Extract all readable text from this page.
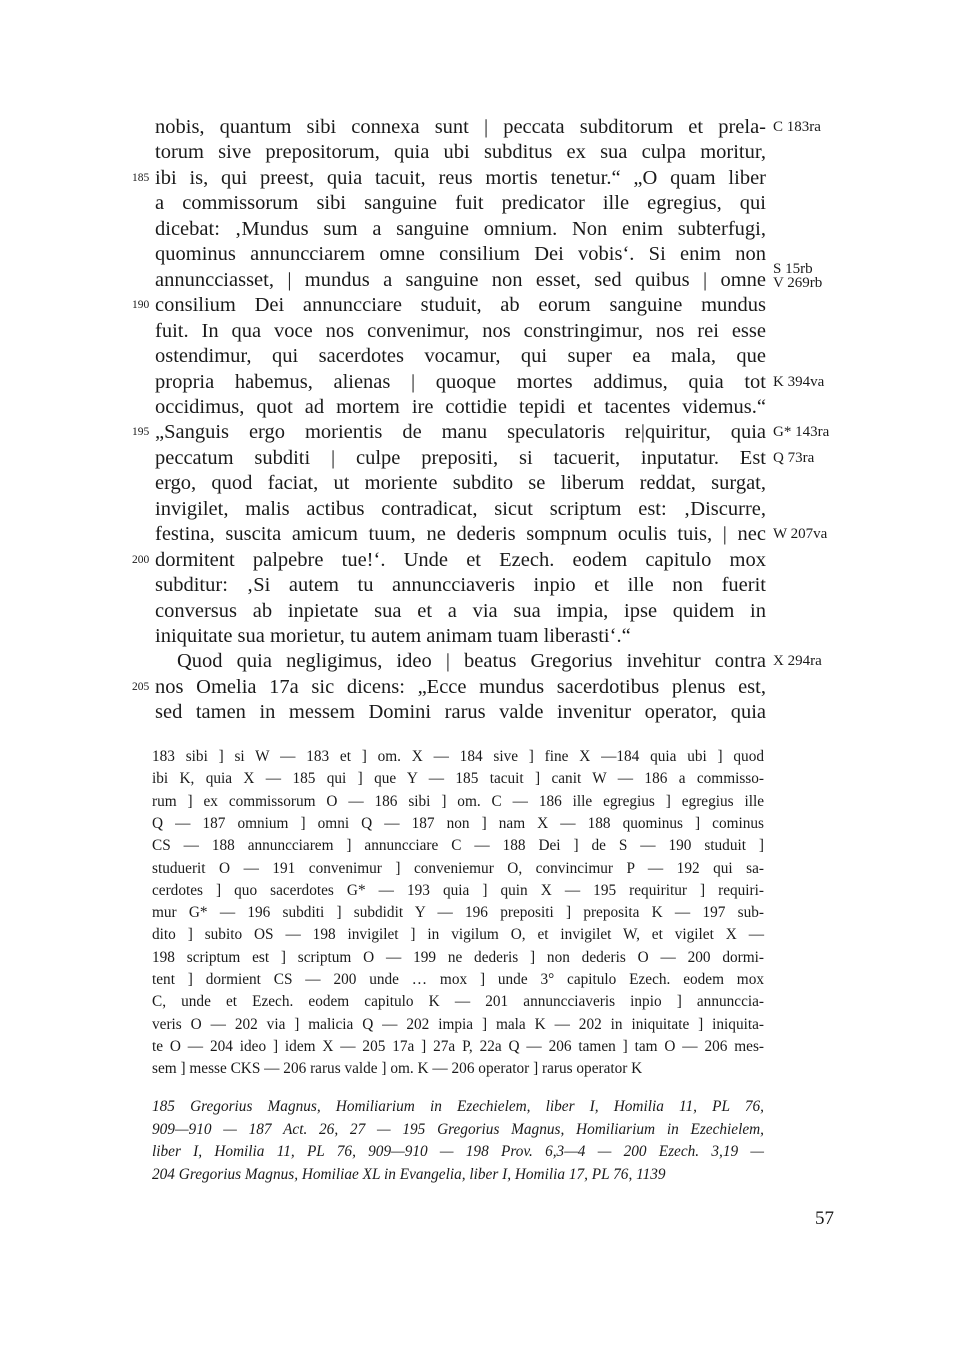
nobis, quantum sibi connexa sunt | peccata subditorum et prela- C 183ra
torum sive prepositorum, quia ubi subditus ex sua culpa moritur,
ibi is, qui preest, quia tacuit, reus mortis tenetur.“ „O quam liber
185
a commissorum sibi sanguine fuit predicator ille egregius, qui
dicebat: ‚Mundus sum a sanguine omnium. Non enim subterfugi,
quominus annuncciarem omne consilium Dei vobis‘. Si enim non
annuncciasset, | mundus a sanguine non esset, sed quibus | omne
consilium Dei annuncciare studuit, ab eorum sanguine mundus
190
fuit. In qua voce nos convenimur, nos constringimur, nos rei esse
ostendimur, qui sacerdotes vocamur, qui super ea mala, que
propria habemus, alienas | quoque mortes addimus, quia tot K 394va
occidimus, quot ad mortem ire cottidie tepidi et tacentes videmus.“
„Sanguis ergo morientis de manu speculatoris re|quiritur, quia
195	G* 143ra
peccatum subditi | culpe prepositi, si tacuerit, inputatur. Est Q 73ra
ergo, quod faciat, ut moriente subdito se liberum reddat, surgat,
invigilet, malis actibus contradicat, sicut scriptum est: ‚Discurre,
festina, suscita amicum tuum, ne dederis sompnum oculis tuis, | nec W 207va
dormitent palpebre tue!‘. Unde et Ezech. eodem capitulo mox
200
subditur: ‚Si autem tu annuncciaveris inpio et ille non fuerit
conversus ab inpietate sua et a via sua impia, ipse quidem in
iniquitate sua morietur, tu autem animam tuam liberasti‘.“
Quod quia negligimus, ideo | beatus Gregorius invehitur contra X 294ra
nos Omelia 17a sic dicens: „Ecce mundus sacerdotibus plenus est,
205
sed tamen in messem Domini rarus valde invenitur operator, quia
S 15rb
V 269rb
183 sibi ] si W — 183 et ] om. X — 184 sive ] fine X —184 quia ubi ] quod
ibi K, quia X — 185 qui ] que Y — 185 tacuit ] canit W — 186 a commisso-
rum ] ex commissorum O — 186 sibi ] om. C — 186 ille egregius ] egregius ille
Q — 187 omnium ] omni Q — 187 non ] nam X — 188 quominus ] cominus
CS — 188 annuncciarem ] annuncciare C — 188 Dei ] de S — 190 studuit ]
studuerit O — 191 convenimur ] conveniemur O, convincimur P — 192 qui sa-
cerdotes ] quo sacerdotes G* — 193 quia ] quin X — 195 requiritur ] requiri-
mur G* — 196 subditi ] subdidit Y — 196 prepositi ] preposita K — 197 sub-
dito ] subito OS — 198 invigilet ] in vigilum O, et invigilet W, et vigilet X —
198 scriptum est ] scriptum O — 199 ne dederis ] non dederis O — 200 dormi-
tent ] dormient CS — 200 unde … mox ] unde 3° capitulo Ezech. eodem mox
C, unde et Ezech. eodem capitulo K — 201 annuncciaveris inpio ] annunccia-
veris O — 202 via ] malicia Q — 202 impia ] mala K — 202 in iniquitate ] iniquita-
te O — 204 ideo ] idem X — 205 17a ] 27a P, 22a Q — 206 tamen ] tam O — 206 mes-
sem ] messe CKS — 206 rarus valde ] om. K — 206 operator ] rarus operator K
185 Gregorius Magnus, Homiliarium in Ezechielem, liber I, Homilia 11, PL 76,
909—910 — 187 Act. 26, 27 — 195 Gregorius Magnus, Homiliarium in Ezechielem,
liber I, Homilia 11, PL 76, 909—910 — 198 Prov. 6,3—4 — 200 Ezech. 3,19 —
204 Gregorius Magnus, Homiliae XL in Evangelia, liber I, Homilia 17, PL 76, 1139
57
